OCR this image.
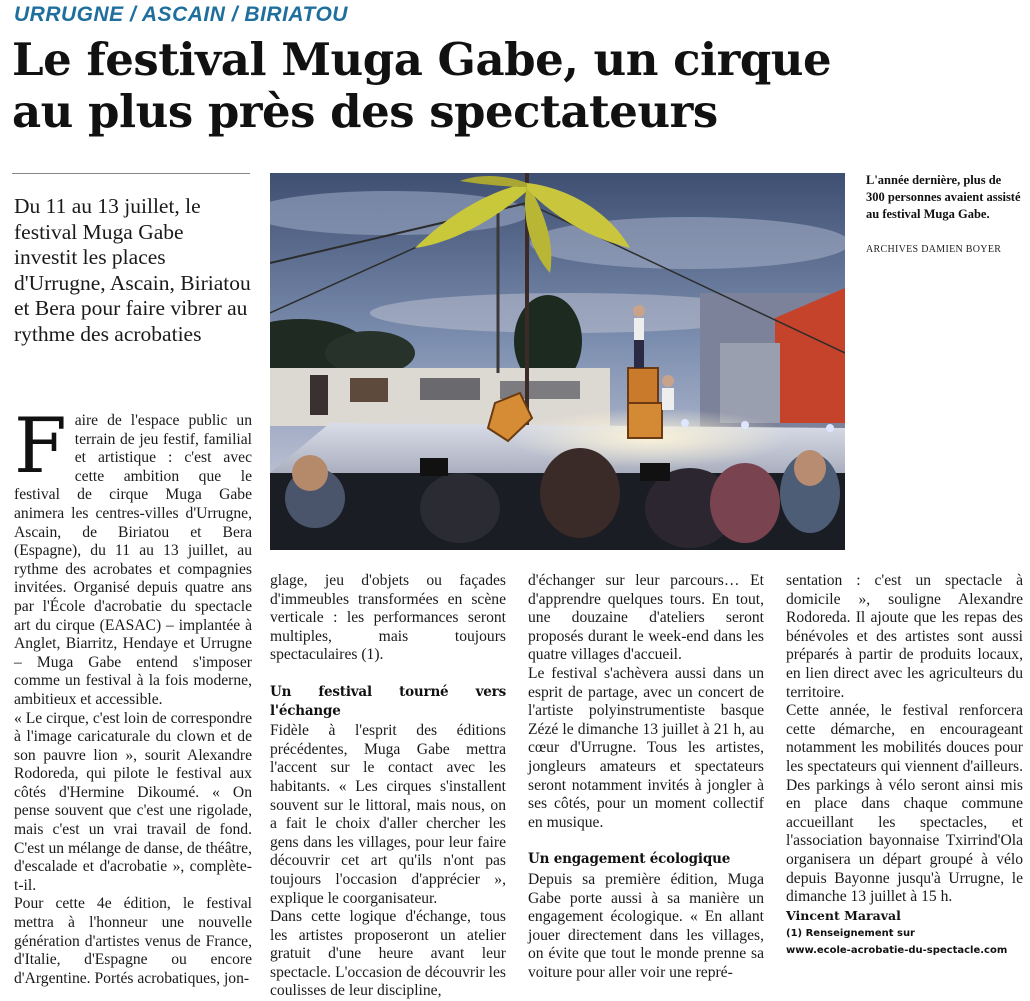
URRUGNE / ASCAIN / BIRIATOU
Le festival Muga Gabe, un cirque
au plus près des spectateurs
Du 11 au 13 juillet, le festival Muga Gabe investit les places d'Urrugne, Ascain, Biriatou et Bera pour faire vibrer au rythme des acrobaties
L'année dernière, plus de 300 personnes avaient assisté au festival Muga Gabe.
ARCHIVES DAMIEN BOYER

Faire de l'espace public un terrain de jeu festif, familial et artistique : c'est avec cette ambition que le festival de cirque Muga Gabe animera les centres-villes d'Urrugne, Ascain, de Biriatou et Bera (Espagne), du 11 au 13 juillet, au rythme des acrobates et compagnies invitées. Organisé depuis quatre ans par l'École d'acrobatie du spectacle art du cirque (EASAC) – implantée à Anglet, Biarritz, Hendaye et Urrugne – Muga Gabe entend s'imposer comme un festival à la fois moderne, ambitieux et accessible.

« Le cirque, c'est loin de correspondre à l'image caricaturale du clown et de son pauvre lion », sourit Alexandre Rodoreda, qui pilote le festival aux côtés d'Hermine Dikoumé. « On pense souvent que c'est une rigolade, mais c'est un vrai travail de fond. C'est un mélange de danse, de théâtre, d'escalade et d'acrobatie », complète-t-il.

Pour cette 4e édition, le festival mettra à l'honneur une nouvelle génération d'artistes venus de France, d'Italie, d'Espagne ou encore d'Argentine. Portés acrobatiques, jon-

glage, jeu d'objets ou façades d'immeubles transformées en scène verticale : les performances seront multiples, mais toujours spectaculaires (1).

Un festival tourné vers l'échange

Fidèle à l'esprit des éditions précédentes, Muga Gabe mettra l'accent sur le contact avec les habitants. « Les cirques s'installent souvent sur le littoral, mais nous, on a fait le choix d'aller chercher les gens dans les villages, pour leur faire découvrir cet art qu'ils n'ont pas toujours l'occasion d'apprécier », explique le coorganisateur.

Dans cette logique d'échange, tous les artistes proposeront un atelier gratuit d'une heure avant leur spectacle. L'occasion de découvrir les coulisses de leur discipline,

d'échanger sur leur parcours… Et d'apprendre quelques tours. En tout, une douzaine d'ateliers seront proposés durant le week-end dans les quatre villages d'accueil.

Le festival s'achèvera aussi dans un esprit de partage, avec un concert de l'artiste polyinstrumentiste basque Zézé le dimanche 13 juillet à 21 h, au cœur d'Urrugne. Tous les artistes, jongleurs amateurs et spectateurs seront notamment invités à jongler à ses côtés, pour un moment collectif en musique.

Un engagement écologique

Depuis sa première édition, Muga Gabe porte aussi à sa manière un engagement écologique. « En allant jouer directement dans les villages, on évite que tout le monde prenne sa voiture pour aller voir une repré-

sentation : c'est un spectacle à domicile », souligne Alexandre Rodoreda. Il ajoute que les repas des bénévoles et des artistes sont aussi préparés à partir de produits locaux, en lien direct avec les agriculteurs du territoire.

Cette année, le festival renforcera cette démarche, en encourageant notamment les mobilités douces pour les spectateurs qui viennent d'ailleurs. Des parkings à vélo seront ainsi mis en place dans chaque commune accueillant les spectacles, et l'association bayonnaise Txirrind'Ola organisera un départ groupé à vélo depuis Bayonne jusqu'à Urrugne, le dimanche 13 juillet à 15 h.

Vincent Maraval
(1) Renseignement sur
www.ecole-acrobatie-du-spectacle.com
